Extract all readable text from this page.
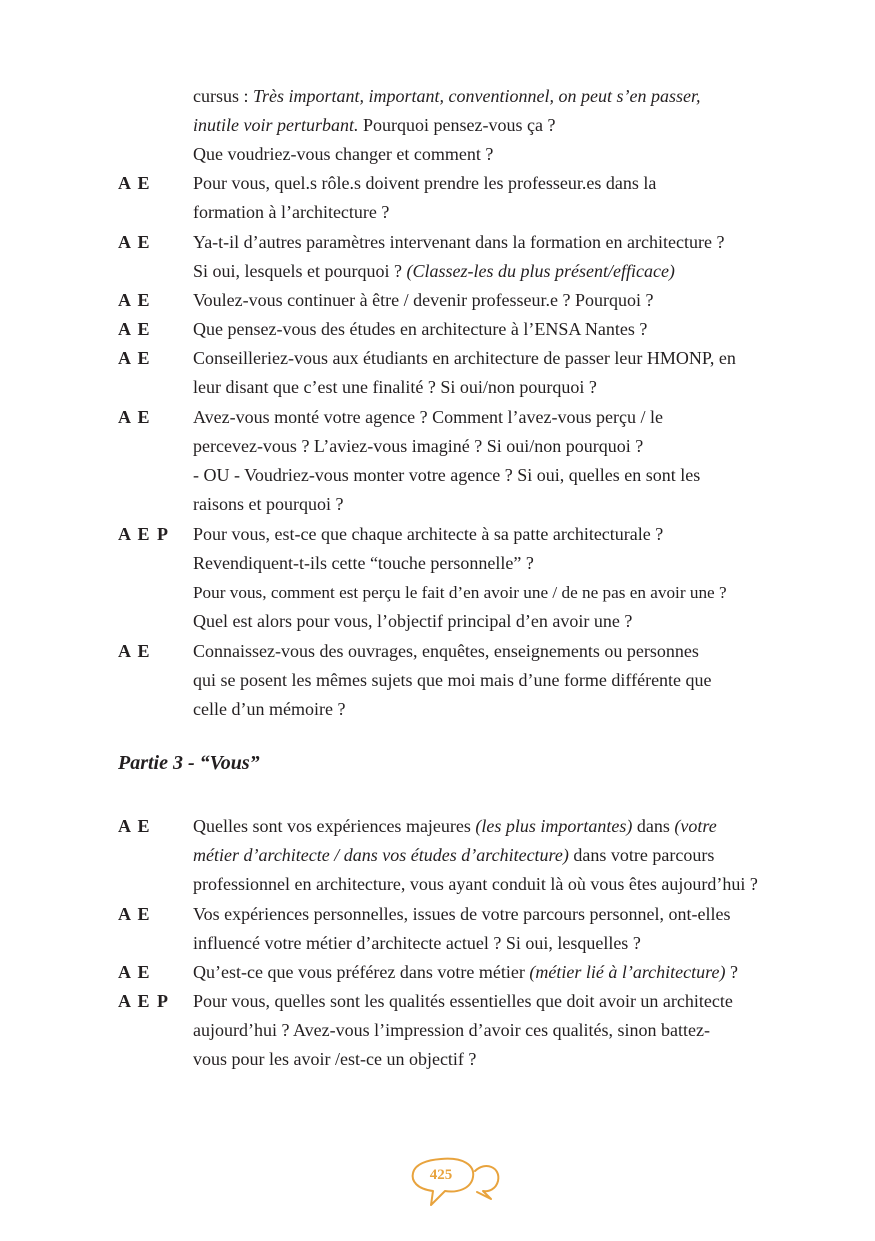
cursus : Très important, important, conventionnel, on peut s’en passer,
inutile voir perturbant. Pourquoi pensez-vous ça ?
Que voudriez-vous changer et comment ?
A E Pour vous, quel.s rôle.s doivent prendre les professeur.es dans la
formation à l’architecture ?
A E Ya-t-il d’autres paramètres intervenant dans la formation en architecture ?
Si oui, lesquels et pourquoi ? (Classez-les du plus présent/efficace)
A E Voulez-vous continuer à être / devenir professeur.e ? Pourquoi ?
A E Que pensez-vous des études en architecture à l’ENSA Nantes ?
A E Conseilleriez-vous aux étudiants en architecture de passer leur HMONP, en
leur disant que c’est une finalité ? Si oui/non pourquoi ?
A E Avez-vous monté votre agence ? Comment l’avez-vous perçu / le
percevez-vous ? L’aviez-vous imaginé ? Si oui/non pourquoi ?
- OU - Voudriez-vous monter votre agence ? Si oui, quelles en sont les
raisons et pourquoi ?
A E P Pour vous, est-ce que chaque architecte à sa patte architecturale ?
Revendiquent-t-ils cette “touche personnelle” ?
Pour vous, comment est perçu le fait d’en avoir une / de ne pas en avoir une ?
Quel est alors pour vous, l’objectif principal d’en avoir une ?
A E Connaissez-vous des ouvrages, enquêtes, enseignements ou personnes
qui se posent les mêmes sujets que moi mais d’une forme différente que
celle d’un mémoire ?
Partie 3 - “Vous”
A E Quelles sont vos expériences majeures (les plus importantes) dans (votre
métier d’architecte / dans vos études d’architecture) dans votre parcours
professionnel en architecture, vous ayant conduit là où vous êtes aujourd’hui ?
A E Vos expériences personnelles, issues de votre parcours personnel, ont-elles
influencé votre métier d’architecte actuel ? Si oui, lesquelles ?
A E Qu’est-ce que vous préférez dans votre métier (métier lié à l’architecture) ?
A E P Pour vous, quelles sont les qualités essentielles que doit avoir un architecte
aujourd’hui ? Avez-vous l’impression d’avoir ces qualités, sinon battez-
vous pour les avoir /est-ce un objectif ?
425
